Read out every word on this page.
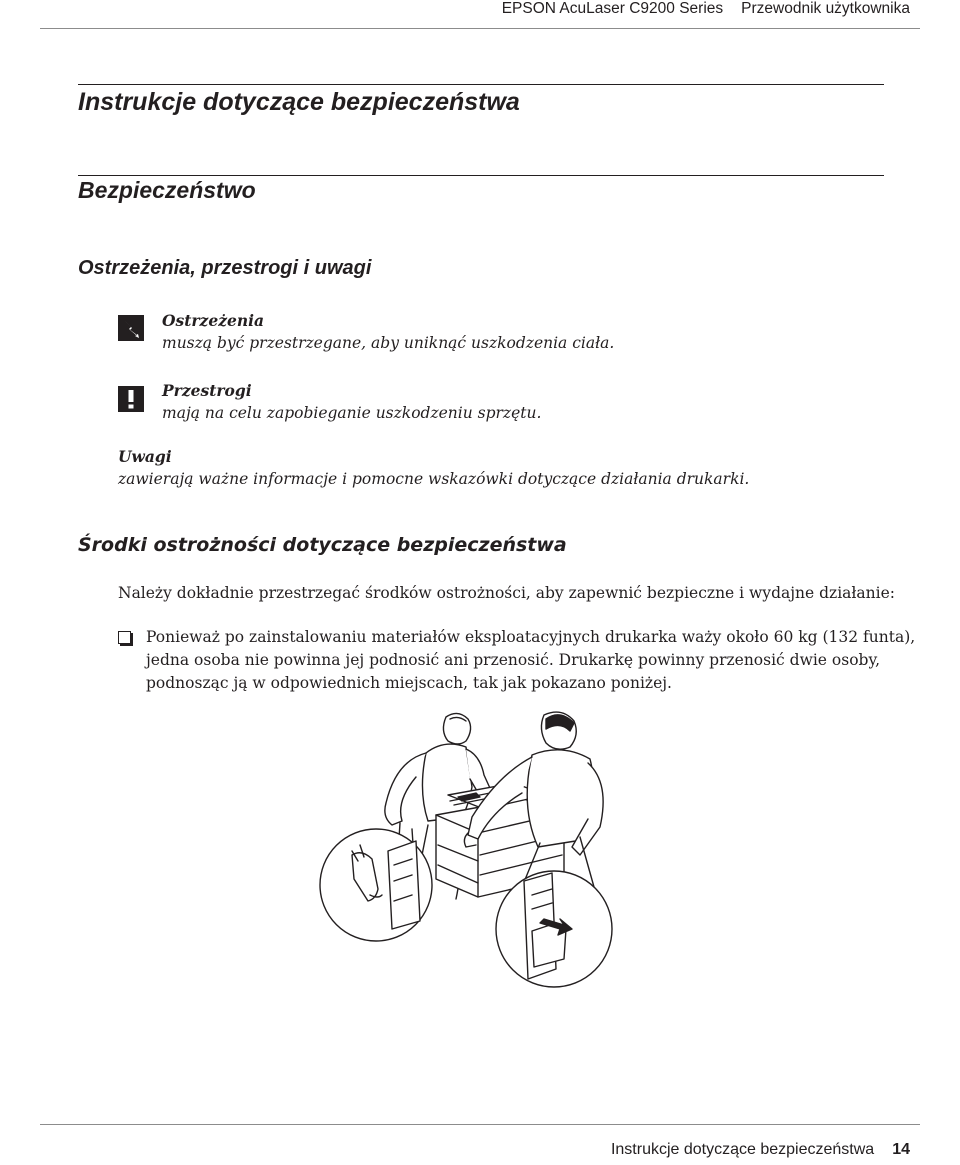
EPSON AcuLaser C9200 Series Przewodnik użytkownika
Instrukcje dotyczące bezpieczeństwa
Bezpieczeństwo
Ostrzeżenia, przestrogi i uwagi
Ostrzeżenia
muszą być przestrzegane, aby uniknąć uszkodzenia ciała.
Przestrogi
mają na celu zapobieganie uszkodzeniu sprzętu.
Uwagi
zawierają ważne informacje i pomocne wskazówki dotyczące działania drukarki.
Środki ostrożności dotyczące bezpieczeństwa

Należy dokładnie przestrzegać środków ostrożności, aby zapewnić bezpieczne i wydajne działanie:

Ponieważ po zainstalowaniu materiałów eksploatacyjnych drukarka waży około 60 kg (132 funta), jedna osoba nie powinna jej podnosić ani przenosić. Drukarkę powinny przenosić dwie osoby, podnosząc ją w odpowiednich miejscach, tak jak pokazano poniżej.

Instrukcje dotyczące bezpieczeństwa 14
